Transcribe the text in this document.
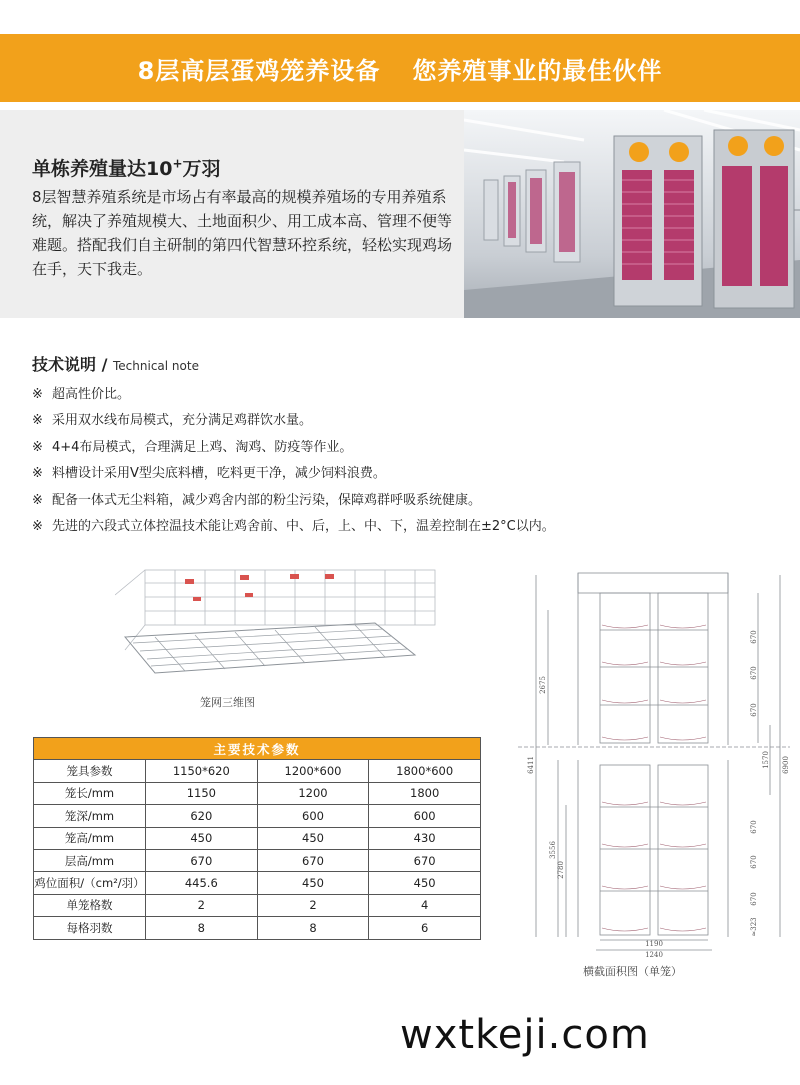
8层高层蛋鸡笼养设备 您养殖事业的最佳伙伴
单栋养殖量达10+万羽
8层智慧养殖系统是市场占有率最高的规模养殖场的专用养殖系统，解决了养殖规模大、土地面积少、用工成本高、管理不便等难题。搭配我们自主研制的第四代智慧环控系统，轻松实现鸡场在手，天下我走。
技术说明 / Technical note
※ 超高性价比。
※ 采用双水线布局模式，充分满足鸡群饮水量。
※ 4+4布局模式，合理满足上鸡、淘鸡、防疫等作业。
※ 料槽设计采用V型尖底料槽，吃料更干净，减少饲料浪费。
※ 配备一体式无尘料箱，减少鸡舍内部的粉尘污染，保障鸡群呼吸系统健康。
※ 先进的六段式立体控温技术能让鸡舍前、中、后，上、中、下，温差控制在±2°C以内。
笼网三维图
主要技术参数			
笼具参数	1150*620	1200*600	1800*600
笼长/mm	1150	1200	1800
笼深/mm	620	600	600
笼高/mm	450	450	430
层高/mm	670	670	670
鸡位面积/（cm²/羽）	445.6	450	450
单笼格数	2	2	4
每格羽数	8	8	6
2675
6411
3556
2780
6900
1570
670
670
670
670
670
670
≈323
1190
1240
横截面积图（单笼）
wxtkeji.com
